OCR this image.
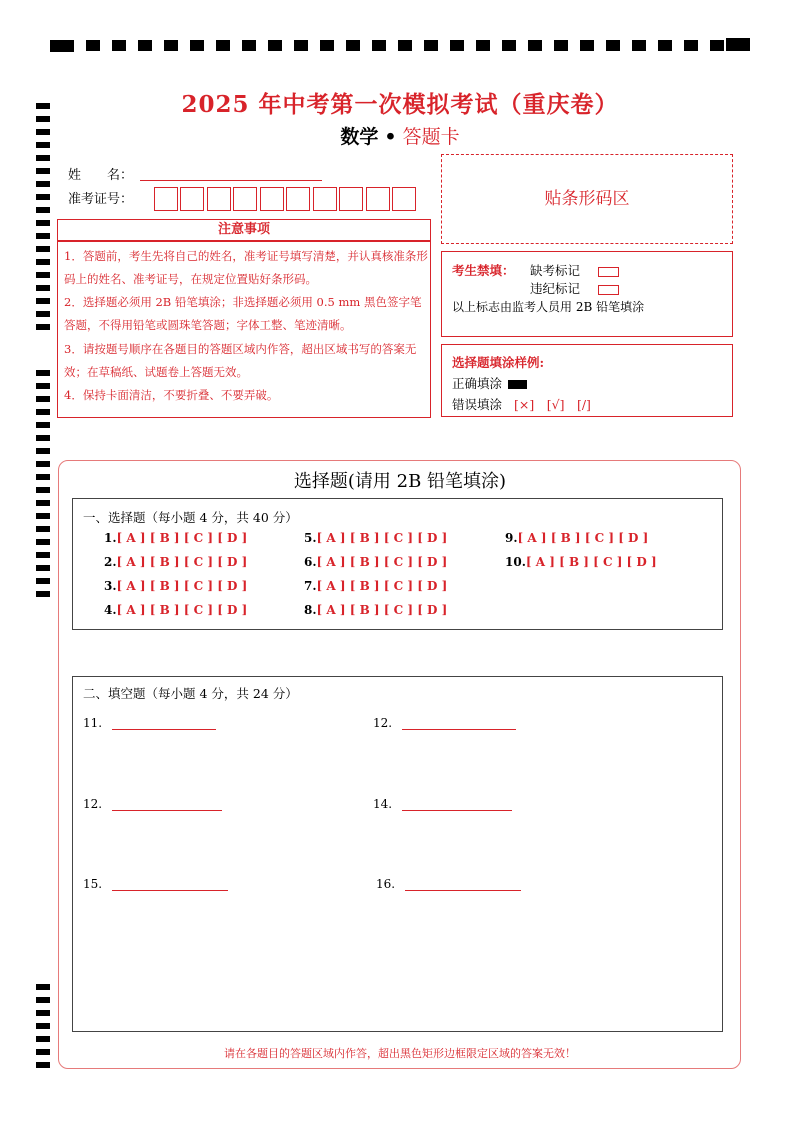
2025 年中考第一次模拟考试（重庆卷）
数学 • 答题卡
姓　　名：
准考证号：	贴条形码区
注意事项
1．答题前，考生先将自己的姓名，准考证号填写清楚，并认真核准条形码上的姓名、准考证号，在规定位置贴好条形码。
2．选择题必须用 2B 铅笔填涂；非选择题必须用 0.5 mm 黑色签字笔答题，不得用铅笔或圆珠笔答题；字体工整、笔迹清晰。
3．请按题号顺序在各题目的答题区域内作答，超出区域书写的答案无效；在草稿纸、试题卷上答题无效。
4．保持卡面清洁，不要折叠、不要弄破。
考生禁填： 缺考标记
违纪标记
以上标志由监考人员用 2B 铅笔填涂
选择题填涂样例:
正确填涂
错误填涂 [×]　[√]　[/]
选择题(请用 2B 铅笔填涂)
一、选择题（每小题 4 分，共 40 分）
1.[ A ] [ B ] [ C ] [ D ]
2.[ A ] [ B ] [ C ] [ D ]
3.[ A ] [ B ] [ C ] [ D ]
4.[ A ] [ B ] [ C ] [ D ]
5.[ A ] [ B ] [ C ] [ D ]
6.[ A ] [ B ] [ C ] [ D ]
7.[ A ] [ B ] [ C ] [ D ]
8.[ A ] [ B ] [ C ] [ D ]
9.[ A ] [ B ] [ C ] [ D ]
10.[ A ] [ B ] [ C ] [ D ]
二、填空题（每小题 4 分，共 24 分）
11.	12.
12.	14.
15.	16.
请在各题目的答题区域内作答，超出黑色矩形边框限定区域的答案无效！
